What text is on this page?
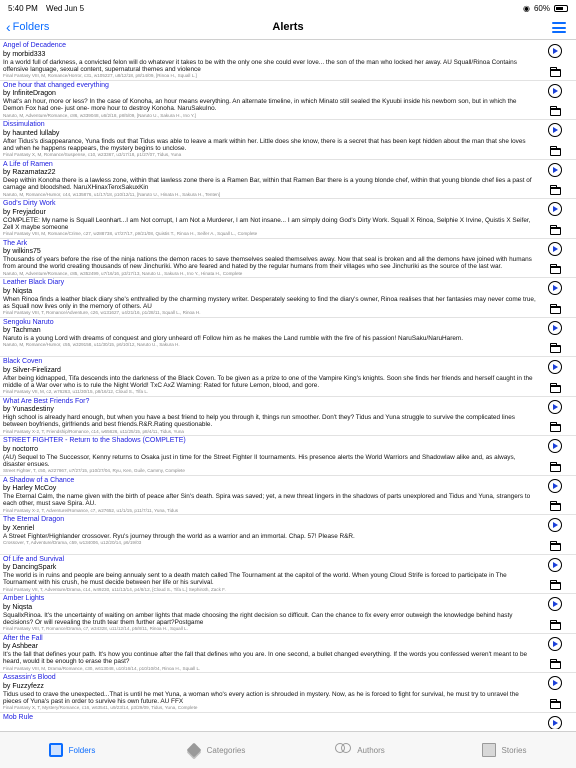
5:40 PM Wed Jun 5	◉ 60%
‹ Folders	Alerts
Angel of Decadence
by morbid333
In a world full of darkness, a convicted felon will do whatever it takes to be with the only one she could ever love... the son of the man who locked her away. AU Squall/Rinoa Contains offensive language, sexual content, supernatural themes and violence
Final Fantasy VIII, M, Romance/Horror, c31, w105227, u8/12/18, p8/14/09, [Rinoa H., Squall L.]
One hour that changed everything
by InfiniteDragon
What's an hour, more or less? In the case of Konoha, an hour means everything. An alternate timeline, in which Minato still sealed the Kyuubi inside his newborn son, but in which the Demon Fox had one- just one- more hour to destroy Konoha. NaruSakuIno.
Naruto, M, Adventure/Romance, c86, w339048, u6/2/18, p8/5/09, [Naruto U., Sakura H., Ino Y.]
Dissimulation
by haunted lullaby
After Tidus's disappearance, Yuna finds out that Tidus was able to leave a mark within her. Little does she know, there is a secret that has been kept hidden about the man that she loves and when he happens reappears, the mystery begins to unclose.
Final Fantasy X, M, Romance/Suspense, c10, w23367, u3/17/18, p1/27/07, Tidus, Yuna
A Life of Ramen
by Razamataz22
Deep within Konoha there is a lawless zone, within that lawless zone there is a Ramen Bar, within that Ramen Bar there is a young blonde chef, within that young blonde chef lies a past of carnage and bloodshed. NaruXHinaxTenxSakuxKin
Naruto, M, Romance/Humor, c44, w135876, u1/17/18, p10/12/11, [Naruto U., Hinata H., Sakura H., Tenten]
God's Dirty Work
by Freyjadour
COMPLETE: My name is Squall Leonhart...I am Not corrupt, I am Not a Murderer, I am Not insane... I am simply doing God's Dirty Work. Squall X Rinoa, Selphie X Irvine, Quistis X Seifer, Zell X maybe someone
Final Fantasy VIII, M, Romance/Crime, c27, w288738, u7/27/17, p9/21/08, Quistis T., Rinoa H., Seifer A., Squall L., Complete
The Ark
by wilkins75
Thousands of years before the rise of the ninja nations the demon races to save themselves sealed themselves away. Now that seal is broken and all the demons have joined with humans from around the world creating thousands of new Jinchuriki. Who are feared and hated by the regular humans from their villages who see Jinchuriki as the source of the last war.
Naruto, M, Adventure/Romance, c85, w352499, u7/16/16, p3/17/13, Naruto U., Sakura H., Ino Y., Hinata H., Complete
Leather Black Diary
by Niqsta
When Rinoa finds a leather black diary she's enthralled by the charming mystery writer. Desperately seeking to find the diary's owner, Rinoa realises that her fantasies may never come true, as Squall now lives only in the memory of others. AU
Final Fantasy VIII, T, Romance/Adventure, c26, w131627, u4/21/16, p1/28/11, Squall L., Rinoa H.
Sengoku Naruto
by Tachman
Naruto is a young Lord with dreams of conquest and glory unheard of! Follow him as he makes the Land rumble with the fire of his passion! NaruSaku/NaruHarem.
Naruto, M, Romance/Humor, c55, w329158, u11/30/15, p6/10/12, Naruto U., Sakura H.
Black Coven
by Silver-Firelizard
After being kidnapped, Tifa descends into the darkness of the Black Coven. To be given as a prize to one of the Vampire King's knights. Soon she finds her friends and herself caught in the middle of a War over who is to rule the Night World! TxC AxZ Warning: Rated for future Lemon, blood, and gore.
Final Fantasy VII, M, c2, w76263, u11/30/15, p8/16/12, Cloud S., Tifa L.
What Are Best Friends For?
by Yunasdestiny
High school is already hard enough, but when you have a best friend to help you through it, things run smoother. Don't they? Tidus and Yuna struggle to survive the complicated lines between boyfriends, girlfriends and best friends.R&R.Rating questionable.
Final Fantasy X-2, T, Friendship/Romance, c14, w65626, u11/25/15, p8/4/11, Tidus, Yuna
STREET FIGHTER - Return to the Shadows (COMPLETE)
by noctorro
(AU) Sequel to The Successor, Kenny returns to Osaka just in time for the Street Fighter II tournaments. His presence alerts the World Warriors and Shadowlaw alike and, as always, disaster ensues.
Street Fighter, T, c50, w227867, u7/27/15, p10/27/04, Ryu, Ken, Guile, Cammy, Complete
A Shadow of a Chance
by Harley McCoy
The Eternal Calm, the name given with the birth of peace after Sin's death. Spira was saved; yet, a new threat lingers in the shadows of parts unexplored and Tidus and Yuna, strangers to each other, must save Spira. AU.
Final Fantasy X-2, T, Adventure/Romance, c7, w27652, u1/1/15, p11/7/11, Yuna, Tidus
The Eternal Dragon
by Xenriel
A Street Fighter/Highlander crossover. Ryu's journey through the world as a warrior and an immortal. Chap. 57! Please R&R.
Crossover, T, Adventure/Drama, c59, w134006, u12/20/14, p6/19/03
Of Life and Survival
by DancingSpark
The world is in ruins and people are being annualy sent to a death match called The Tournament at the capitol of the world. When young Cloud Strife is forced to participate in The Tournament with his crush, he must decide between her life or his survival.
Final Fantasy VII, T, Adventure/Drama, c14, w49230, u11/13/14, p4/8/12, [Cloud S., Tifa L.] Sephiroth, Zack F.
Amber Lights
by Niqsta
SquallxRinoa. It's the uncertainty of waiting on amber lights that made choosing the right decision so difficult. Can the chance to fix every error outweigh the knowledge behind hasty decisions? Or will revealing the truth tear them further apart?Postgame
Final Fantasy VIII, T, Romance/Drama, c7, w34328, u11/12/14, p5/8/11, Rinoa H., Squall L.
After the Fall
by Ashbear
It's the fall that defines your path. It's how you continue after the fall that defines who you are. In one second, a bullet changed everything. If the words you confessed weren't meant to be heard, would it be enough to erase the past?
Final Fantasy VIII, M, Drama/Romance, c30, w613048, u10/16/14, p10/10/04, Rinoa H., Squall L.
Assassin's Blood
by Fuzzyfezz
Tidus used to crave the unexpected...That is until he met Yuna, a woman who's every action is shrouded in mystery. Now, as he is forced to fight for survival, he must try to unravel the pieces of Yuna's past in order to survive his own future. AU FFX
Final Fantasy X, T, Mystery/Romance, c16, w63541, u9/23/14, p3/29/09, Tidus, Yuna, Complete
Mob Rule
Folders	Categories	Authors	Stories
